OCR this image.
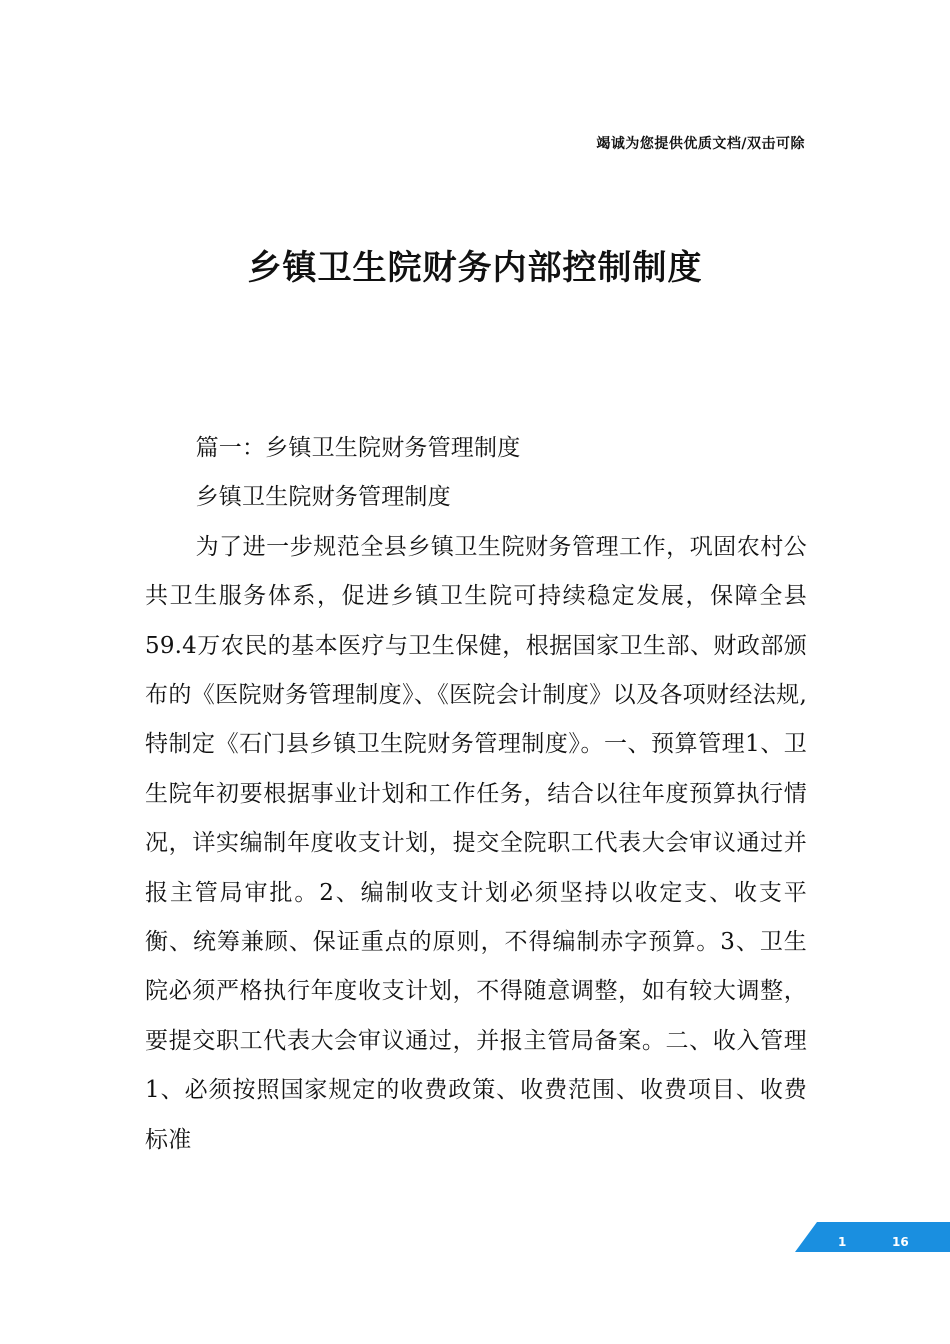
竭诚为您提供优质文档/双击可除
乡镇卫生院财务内部控制制度

篇一：乡镇卫生院财务管理制度

乡镇卫生院财务管理制度

为了进一步规范全县乡镇卫生院财务管理工作，巩固农村公共卫生服务体系，促进乡镇卫生院可持续稳定发展，保障全县59.4万农民的基本医疗与卫生保健，根据国家卫生部、财政部颁布的《医院财务管理制度》、《医院会计制度》以及各项财经法规,特制定《石门县乡镇卫生院财务管理制度》。一、预算管理1、卫生院年初要根据事业计划和工作任务，结合以往年度预算执行情况，详实编制年度收支计划，提交全院职工代表大会审议通过并报主管局审批。2、编制收支计划必须坚持以收定支、收支平衡、统筹兼顾、保证重点的原则，不得编制赤字预算。3、卫生院必须严格执行年度收支计划，不得随意调整，如有较大调整，要提交职工代表大会审议通过，并报主管局备案。二、收入管理 1、必须按照国家规定的收费政策、收费范围、收费项目、收费标准

1	16
